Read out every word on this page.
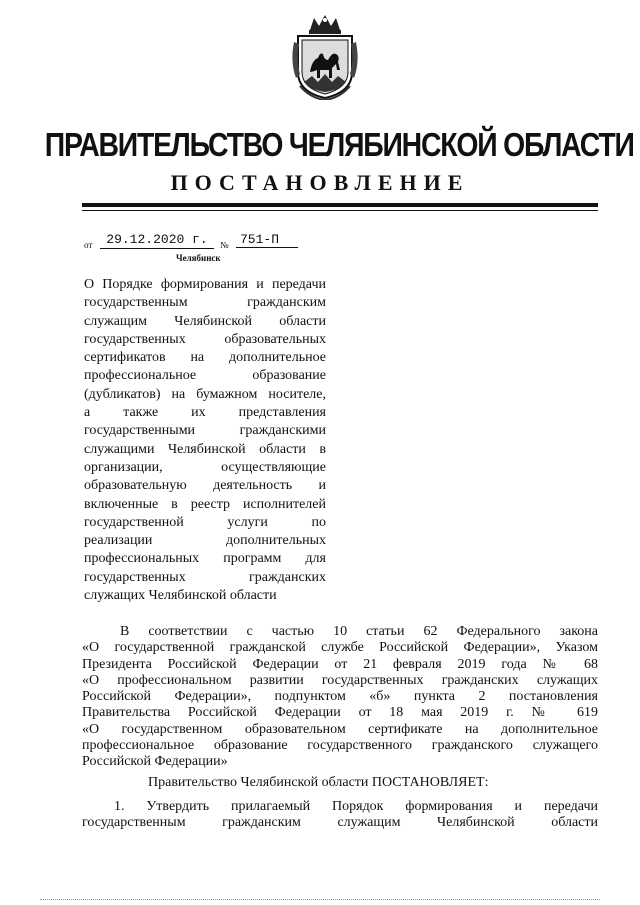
ПРАВИТЕЛЬСТВО ЧЕЛЯБИНСКОЙ ОБЛАСТИ
ПОСТАНОВЛЕНИЕ
от	29.12.2020 г.	№ 751-П
Челябинск
О Порядке формирования и передачи
государственным гражданским
служащим Челябинской области
государственных образовательных
сертификатов на дополнительное
профессиональное образование
(дубликатов) на бумажном носителе,
а также их представления
государственными гражданскими
служащими Челябинской области в
организации, осуществляющие
образовательную деятельность и
включенные в реестр исполнителей
государственной услуги по
реализации дополнительных
профессиональных программ для
государственных гражданских
служащих Челябинской области
В соответствии с частью 10 статьи 62 Федерального закона
«О государственной гражданской службе Российской Федерации», Указом
Президента Российской Федерации от 21 февраля 2019 года № 68
«О профессиональном развитии государственных гражданских служащих
Российской Федерации», подпунктом «б» пункта 2 постановления
Правительства Российской Федерации от 18 мая 2019 г. № 619
«О государственном образовательном сертификате на дополнительное
профессиональное образование государственного гражданского служащего
Российской Федерации»
Правительство Челябинской области ПОСТАНОВЛЯЕТ:
1. Утвердить прилагаемый Порядок формирования и передачи
государственным гражданским служащим Челябинской области
